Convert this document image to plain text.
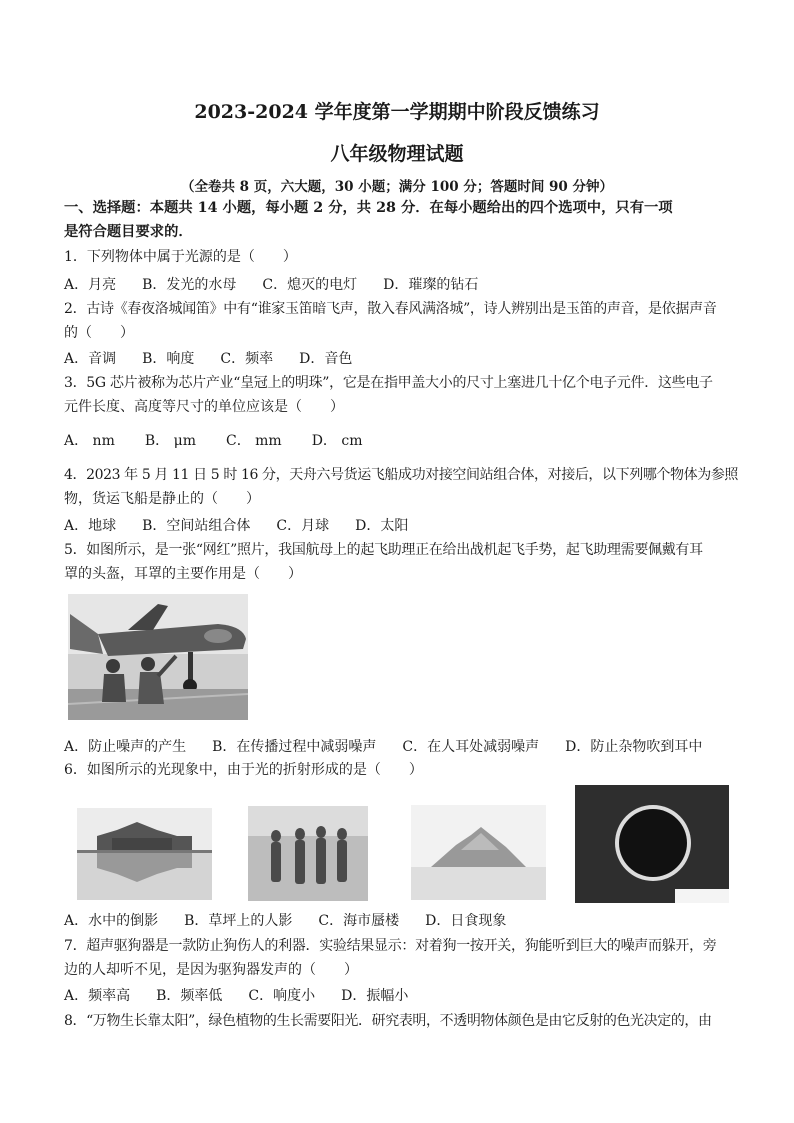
2023-2024 学年度第一学期期中阶段反馈练习
八年级物理试题
（全卷共 8 页，六大题，30 小题；满分 100 分；答题时间 90 分钟）
一、选择题：本题共 14 小题，每小题 2 分，共 28 分．在每小题给出的四个选项中，只有一项
是符合题目要求的．
1．下列物体中属于光源的是（　　）
A．月亮 B．发光的水母 C．熄灭的电灯 D．璀璨的钻石
2．古诗《春夜洛城闻笛》中有“谁家玉笛暗飞声，散入春风满洛城”，诗人辨别出是玉笛的声音，是依据声音
的（　　）
A．音调 B．响度 C．频率 D．音色
3．5G 芯片被称为芯片产业“皇冠上的明珠”，它是在指甲盖大小的尺寸上塞进几十亿个电子元件．这些电子
元件长度、高度等尺寸的单位应该是（　　）
A． nm B． μm C． mm D． cm
4．2023 年 5 月 11 日 5 时 16 分，天舟六号货运飞船成功对接空间站组合体，对接后，以下列哪个物体为参照
物，货运飞船是静止的（　　）
A．地球 B．空间站组合体 C．月球 D．太阳
5．如图所示，是一张“网红”照片，我国航母上的起飞助理正在给出战机起飞手势，起飞助理需要佩戴有耳
罩的头盔，耳罩的主要作用是（　　）
A．防止噪声的产生 B．在传播过程中减弱噪声 C．在人耳处减弱噪声 D．防止杂物吹到耳中
6．如图所示的光现象中，由于光的折射形成的是（　　）
A．水中的倒影 B．草坪上的人影 C．海市蜃楼 D．日食现象
7．超声驱狗器是一款防止狗伤人的利器．实验结果显示：对着狗一按开关，狗能听到巨大的噪声而躲开，旁
边的人却听不见，是因为驱狗器发声的（　　）
A．频率高 B．频率低 C．响度小 D．振幅小
8．“万物生长靠太阳”，绿色植物的生长需要阳光．研究表明，不透明物体颜色是由它反射的色光决定的，由
